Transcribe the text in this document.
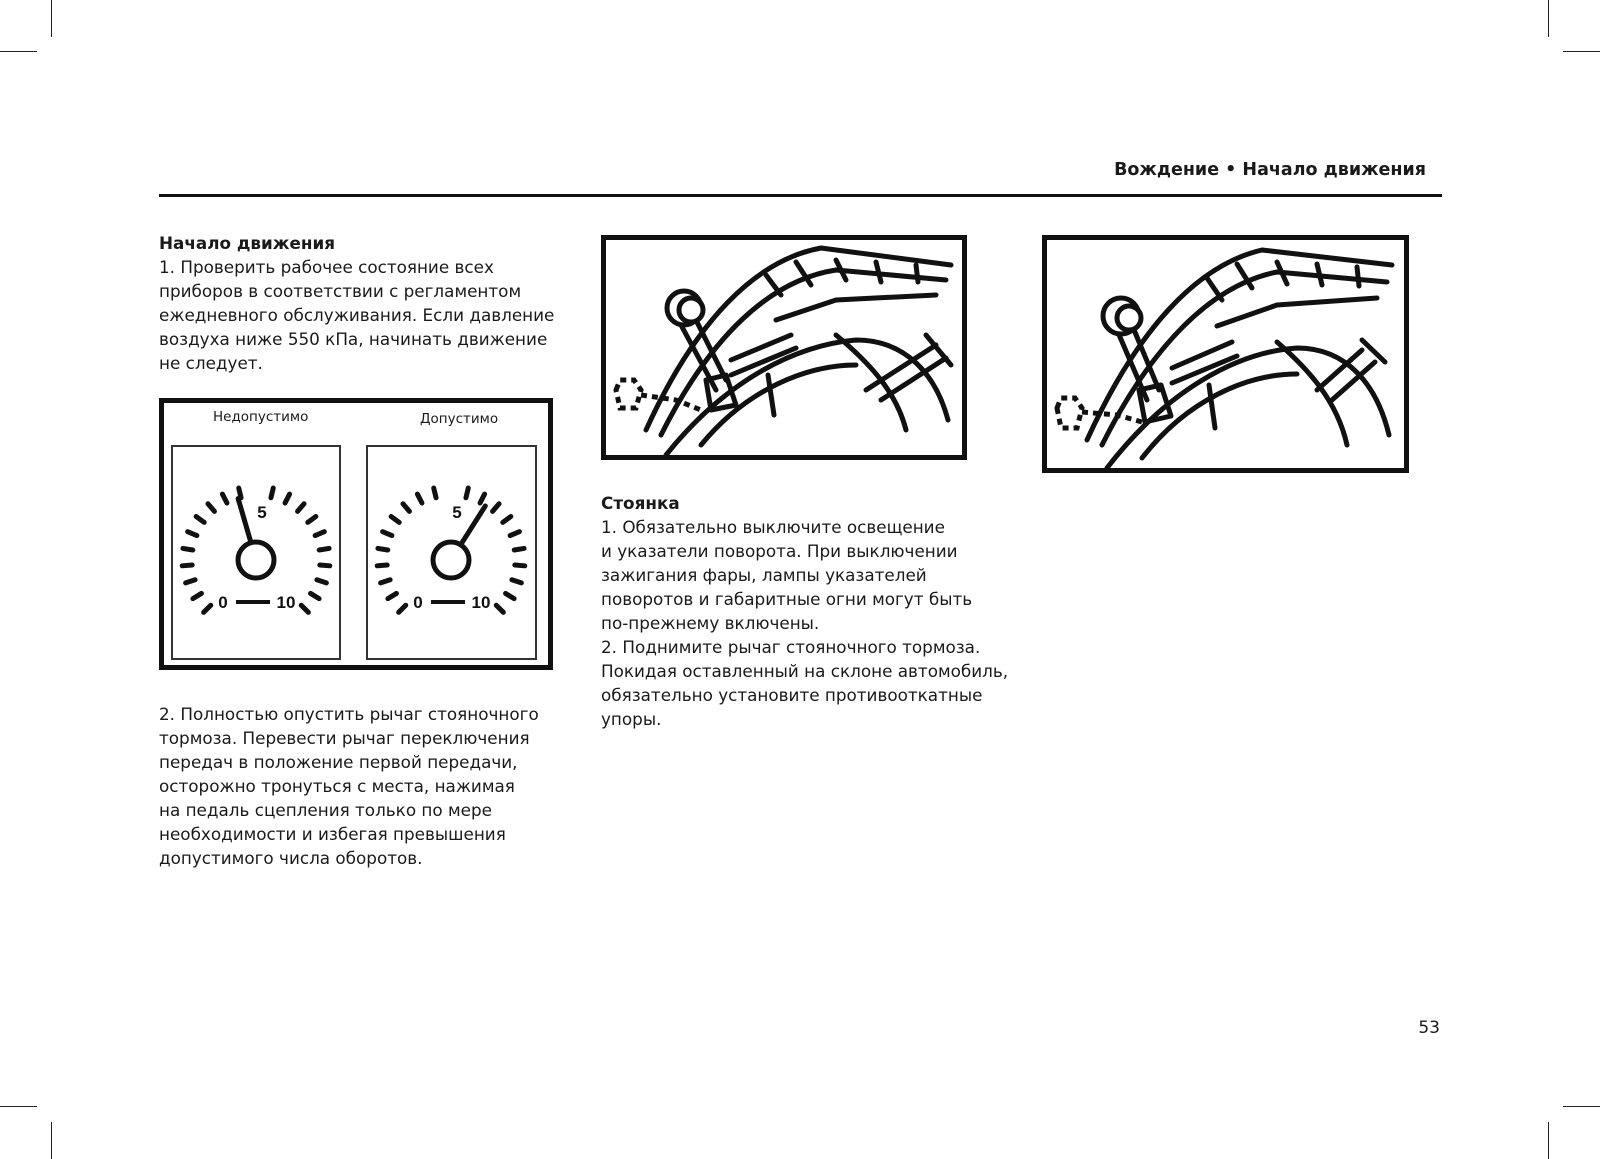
Вождение • Начало движения
Начало движения
1. Проверить рабочее состояние всех
приборов в соответствии с регламентом
ежедневного обслуживания. Если давление
воздуха ниже 550 кПа, начинать движение
не следует.
Недопустимо	Допустимо
5
0	10
5
0	10
2. Полностью опустить рычаг стояночного
тормоза. Перевести рычаг переключения
передач в положение первой передачи,
осторожно тронуться с места, нажимая
на педаль сцепления только по мере
необходимости и избегая превышения
допустимого числа оборотов.
Стоянка
1. Обязательно выключите освещение
и указатели поворота. При выключении
зажигания фары, лампы указателей
поворотов и габаритные огни могут быть
по-прежнему включены.
2. Поднимите рычаг стояночного тормоза.
Покидая оставленный на склоне автомобиль,
обязательно установите противооткатные
упоры.
53
